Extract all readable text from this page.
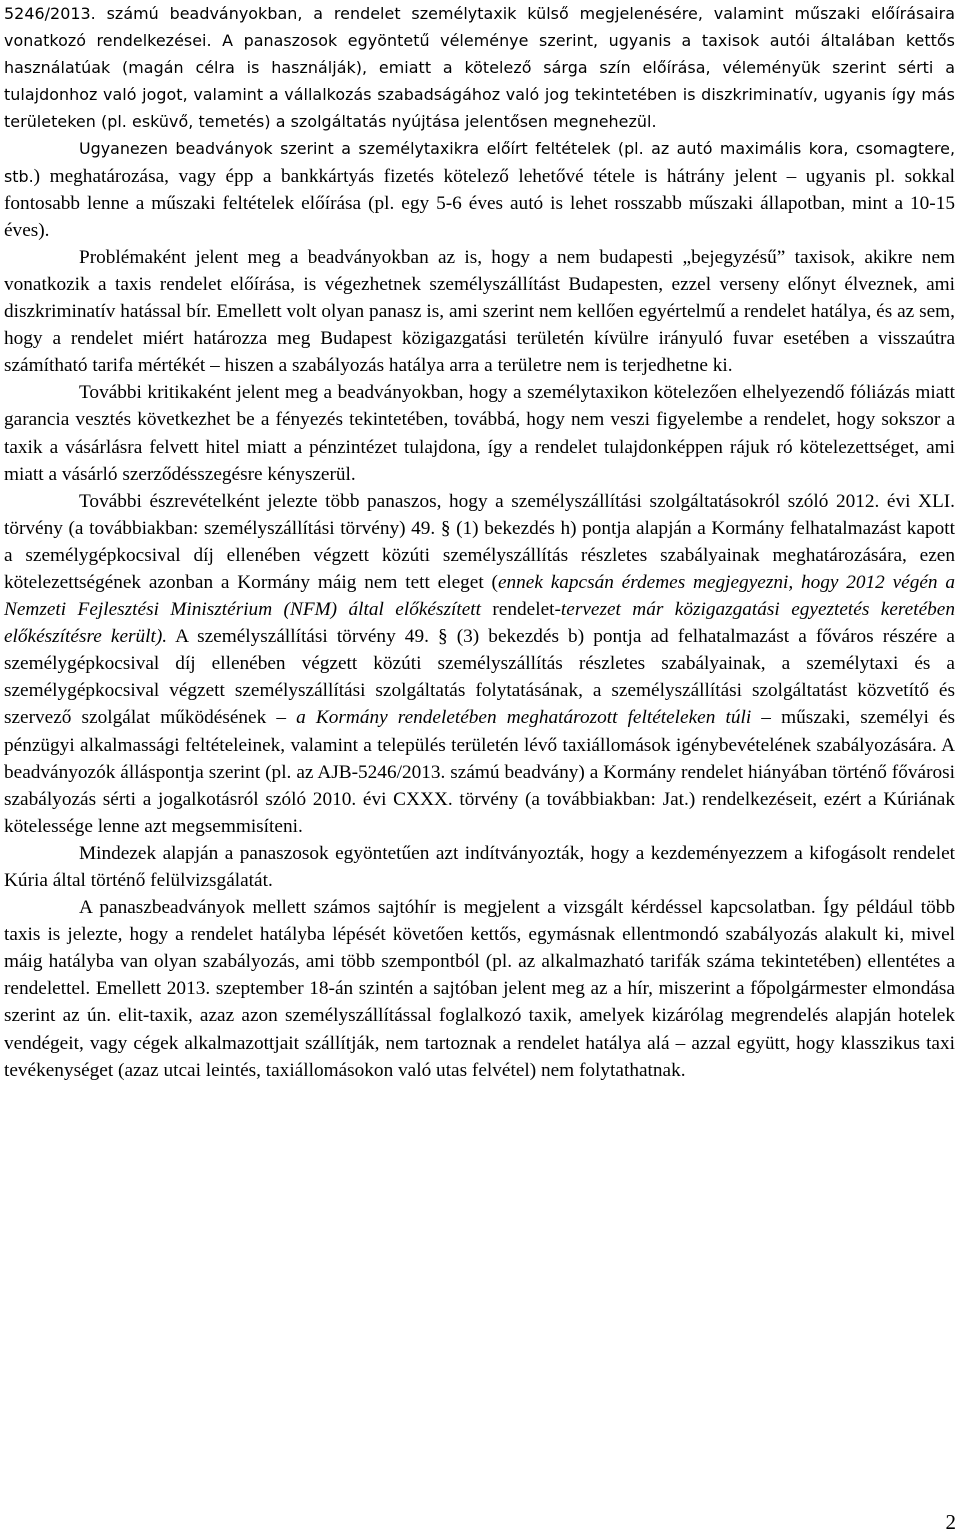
5246/2013. számú beadványokban, a rendelet személytaxik külső megjelenésére, valamint műszaki előírásaira vonatkozó rendelkezései. A panaszosok egyöntetű véleménye szerint, ugyanis a taxisok autói általában kettős használatúak (magán célra is használják), emiatt a kötelező sárga szín előírása, véleményük szerint sérti a tulajdonhoz való jogot, valamint a vállalkozás szabadságához való jog tekintetében is diszkriminatív, ugyanis így más területeken (pl. esküvő, temetés) a szolgáltatás nyújtása jelentősen megnehezül.

Ugyanezen beadványok szerint a személytaxikra előírt feltételek (pl. az autó maximális kora, csomagtere, stb.) meghatározása, vagy épp a bankkártyás fizetés kötelező lehetővé tétele is hátrány jelent – ugyanis pl. sokkal fontosabb lenne a műszaki feltételek előírása (pl. egy 5-6 éves autó is lehet rosszabb műszaki állapotban, mint a 10-15 éves).

Problémaként jelent meg a beadványokban az is, hogy a nem budapesti „bejegyzésű” taxisok, akikre nem vonatkozik a taxis rendelet előírása, is végezhetnek személyszállítást Budapesten, ezzel verseny előnyt élveznek, ami diszkriminatív hatással bír. Emellett volt olyan panasz is, ami szerint nem kellően egyértelmű a rendelet hatálya, és az sem, hogy a rendelet miért határozza meg Budapest közigazgatási területén kívülre irányuló fuvar esetében a visszaútra számítható tarifa mértékét – hiszen a szabályozás hatálya arra a területre nem is terjedhetne ki.

További kritikaként jelent meg a beadványokban, hogy a személytaxikon kötelezően elhelyezendő fóliázás miatt garancia vesztés következhet be a fényezés tekintetében, továbbá, hogy nem veszi figyelembe a rendelet, hogy sokszor a taxik a vásárlásra felvett hitel miatt a pénzintézet tulajdona, így a rendelet tulajdonképpen rájuk ró kötelezettséget, ami miatt a vásárló szerződésszegésre kényszerül.

További észrevételként jelezte több panaszos, hogy a személyszállítási szolgáltatásokról szóló 2012. évi XLI. törvény (a továbbiakban: személyszállítási törvény) 49. § (1) bekezdés h) pontja alapján a Kormány felhatalmazást kapott a személygépkocsival díj ellenében végzett közúti személyszállítás részletes szabályainak meghatározására, ezen kötelezettségének azonban a Kormány máig nem tett eleget (ennek kapcsán érdemes megjegyezni, hogy 2012 végén a Nemzeti Fejlesztési Minisztérium (NFM) által előkészített rendelet-tervezet már közigazgatási egyeztetés keretében előkészítésre került). A személyszállítási törvény 49. § (3) bekezdés b) pontja ad felhatalmazást a főváros részére a személygépkocsival díj ellenében végzett közúti személyszállítás részletes szabályainak, a személytaxi és a személygépkocsival végzett személyszállítási szolgáltatás folytatásának, a személyszállítási szolgáltatást közvetítő és szervező szolgálat működésének – a Kormány rendeletében meghatározott feltételeken túli – műszaki, személyi és pénzügyi alkalmassági feltételeinek, valamint a település területén lévő taxiállomások igénybevételének szabályozására. A beadványozók álláspontja szerint (pl. az AJB-5246/2013. számú beadvány) a Kormány rendelet hiányában történő fővárosi szabályozás sérti a jogalkotásról szóló 2010. évi CXXX. törvény (a továbbiakban: Jat.) rendelkezéseit, ezért a Kúriának kötelessége lenne azt megsemmisíteni.

Mindezek alapján a panaszosok egyöntetűen azt indítványozták, hogy a kezdeményezzem a kifogásolt rendelet Kúria által történő felülvizsgálatát.

A panaszbeadványok mellett számos sajtóhír is megjelent a vizsgált kérdéssel kapcsolatban. Így például több taxis is jelezte, hogy a rendelet hatályba lépését követően kettős, egymásnak ellentmondó szabályozás alakult ki, mivel máig hatályba van olyan szabályozás, ami több szempontból (pl. az alkalmazható tarifák száma tekintetében) ellentétes a rendelettel. Emellett 2013. szeptember 18-án szintén a sajtóban jelent meg az a hír, miszerint a főpolgármester elmondása szerint az ún. elit-taxik, azaz azon személyszállítással foglalkozó taxik, amelyek kizárólag megrendelés alapján hotelek vendégeit, vagy cégek alkalmazottjait szállítják, nem tartoznak a rendelet hatálya alá – azzal együtt, hogy klasszikus taxi tevékenységet (azaz utcai leintés, taxiállomásokon való utas felvétel) nem folytathatnak.

2
